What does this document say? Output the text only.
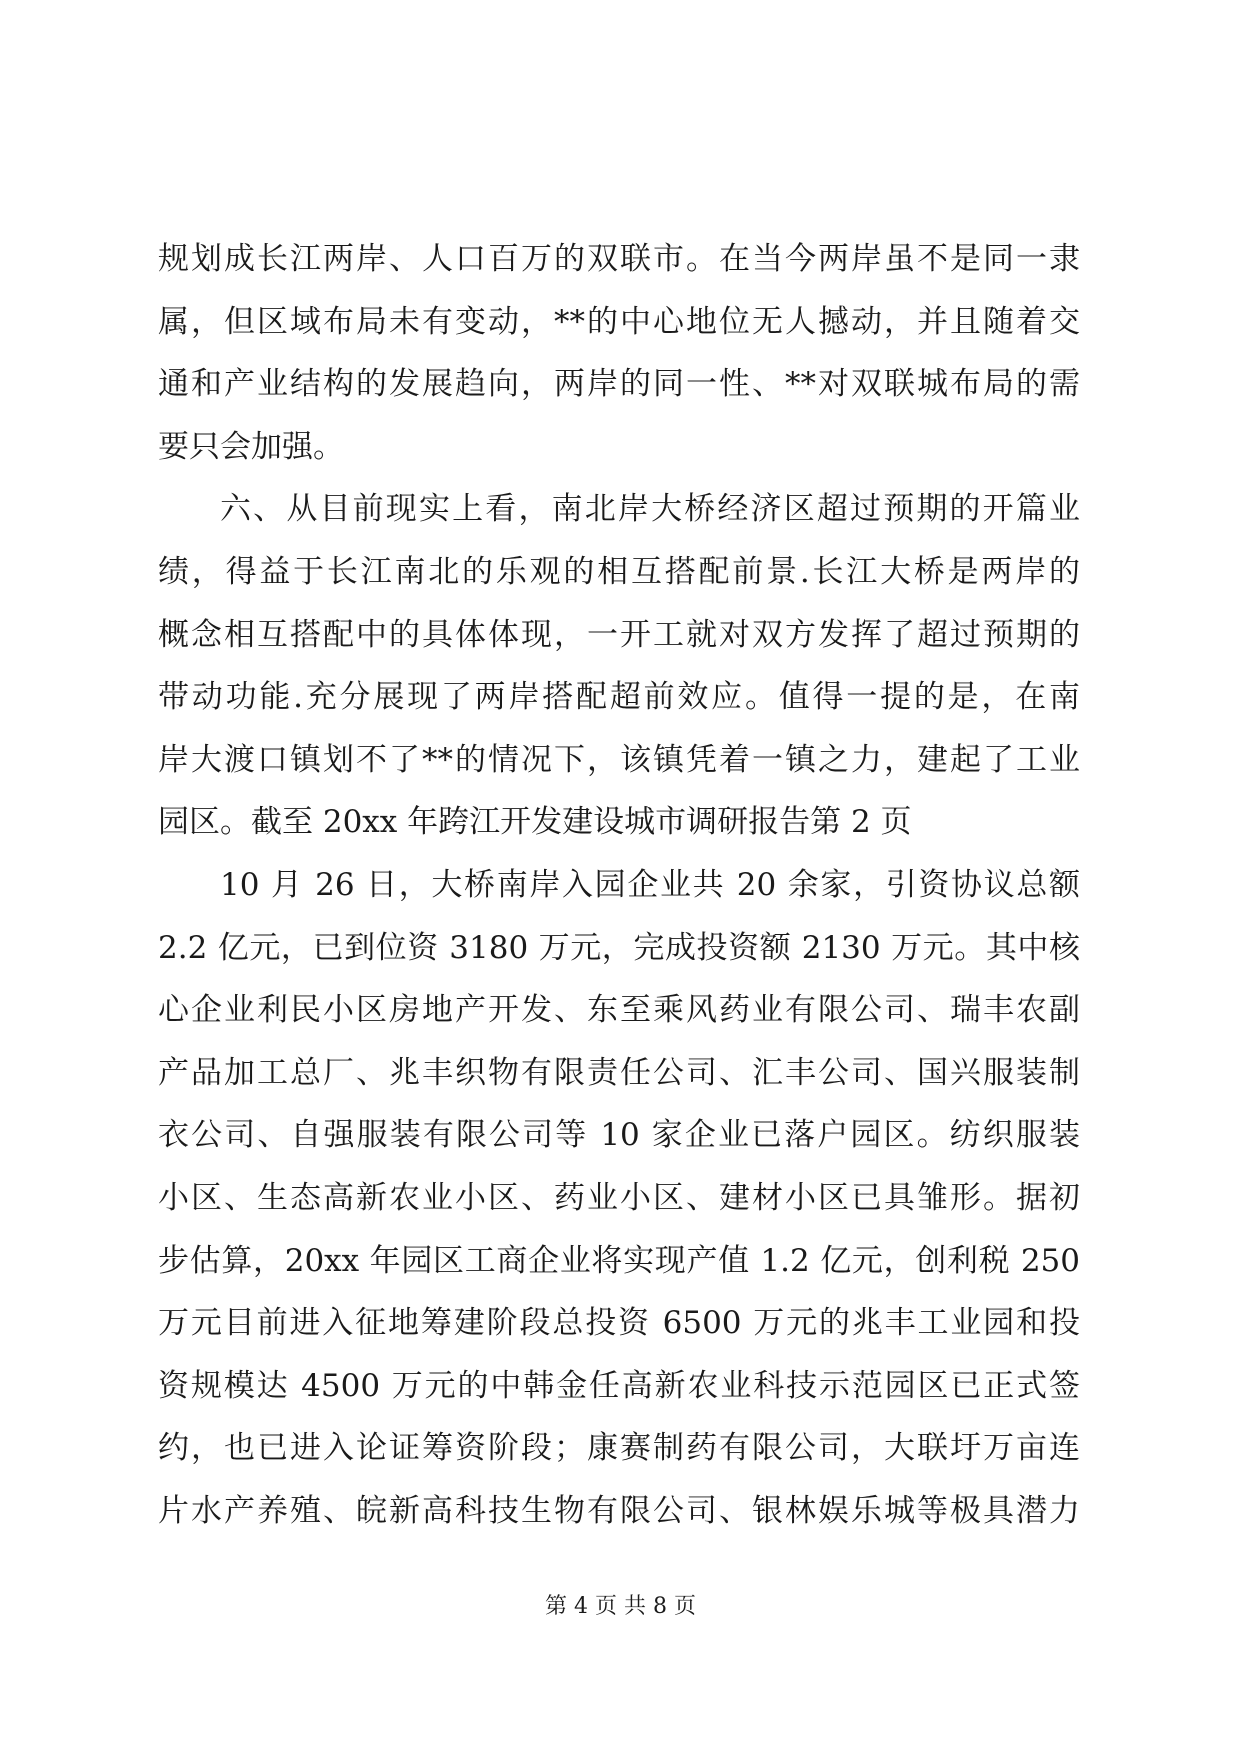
规划成长江两岸、人口百万的双联市。在当今两岸虽不是同一隶
属，但区域布局未有变动，**的中心地位无人撼动，并且随着交
通和产业结构的发展趋向，两岸的同一性、**对双联城布局的需
要只会加强。
六、从目前现实上看，南北岸大桥经济区超过预期的开篇业
绩，得益于长江南北的乐观的相互搭配前景.长江大桥是两岸的
概念相互搭配中的具体体现，一开工就对双方发挥了超过预期的
带动功能.充分展现了两岸搭配超前效应。值得一提的是，在南
岸大渡口镇划不了**的情况下，该镇凭着一镇之力，建起了工业
园区。截至 20xx 年跨江开发建设城市调研报告第 2 页
10 月 26 日，大桥南岸入园企业共 20 余家，引资协议总额
2.2 亿元，已到位资 3180 万元，完成投资额 2130 万元。其中核
心企业利民小区房地产开发、东至乘风药业有限公司、瑞丰农副
产品加工总厂、兆丰织物有限责任公司、汇丰公司、国兴服装制
衣公司、自强服装有限公司等 10 家企业已落户园区。纺织服装
小区、生态高新农业小区、药业小区、建材小区已具雏形。据初
步估算，20xx 年园区工商企业将实现产值 1.2 亿元，创利税 250
万元目前进入征地筹建阶段总投资 6500 万元的兆丰工业园和投
资规模达 4500 万元的中韩金任高新农业科技示范园区已正式签
约，也已进入论证筹资阶段；康赛制药有限公司，大联圩万亩连
片水产养殖、皖新高科技生物有限公司、银林娱乐城等极具潜力
第 4 页 共 8 页
